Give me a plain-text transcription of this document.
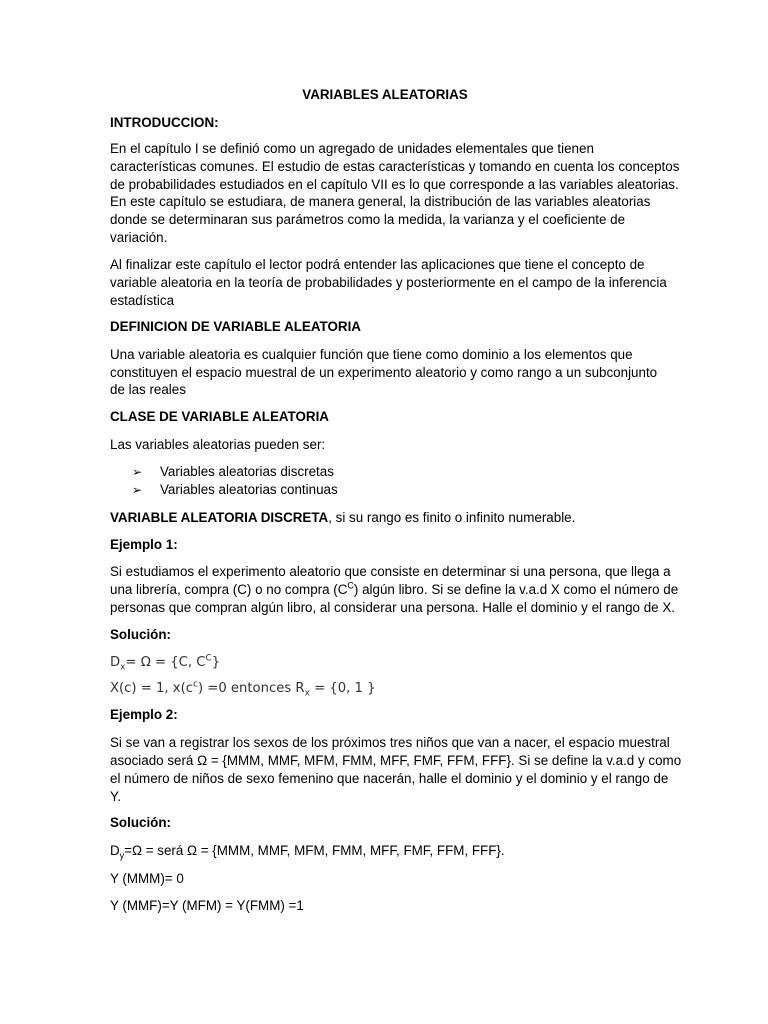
VARIABLES ALEATORIAS
INTRODUCCION:
En el capítulo I se definió como un agregado de unidades elementales que tienen
características comunes. El estudio de estas características y tomando en cuenta los conceptos
de probabilidades estudiados en el capítulo VII es lo que corresponde a las variables aleatorias.
En este capítulo se estudiara, de manera general, la distribución de las variables aleatorias
donde se determinaran sus parámetros como la medida, la varianza y el coeficiente de
variación.
Al finalizar este capítulo el lector podrá entender las aplicaciones que tiene el concepto de
variable aleatoria en la teoría de probabilidades y posteriormente en el campo de la inferencia
estadística
DEFINICION DE VARIABLE ALEATORIA
Una variable aleatoria es cualquier función que tiene como dominio a los elementos que
constituyen el espacio muestral de un experimento aleatorio y como rango a un subconjunto
de las reales
CLASE DE VARIABLE ALEATORIA
Las variables aleatorias pueden ser:
➢ Variables aleatorias discretas
➢ Variables aleatorias continuas
VARIABLE ALEATORIA DISCRETA, si su rango es finito o infinito numerable.
Ejemplo 1:
Si estudiamos el experimento aleatorio que consiste en determinar si una persona, que llega a
una librería, compra (C) o no compra $(C^C)$ algún libro. Si se define la v.a.d X como el número de
personas que compran algún libro, al considerar una persona. Halle el dominio y el rango de X.
Solución:
$D_x= \Omega = \{C$, $C^C$}
X(c) = 1, $x(c^c) =0$ entonces $R_x = \{0$, 1 }
Ejemplo 2:
Si se van a registrar los sexos de los próximos tres niños que van a nacer, el espacio muestral
asociado será Ω = {MMM, MMF, MFM, FMM, MFF, FMF, FFM, FFF}. Si se define la v.a.d y como
el número de niños de sexo femenino que nacerán, halle el dominio y el dominio y el rango de
Y.
Solución:
$D_y=\Omega$ = será Ω = {MMM, MMF, MFM, FMM, MFF, FMF, FFM, FFF}.
Y (MMM)= 0
Y (MMF)=Y (MFM) = Y(FMM) =1
